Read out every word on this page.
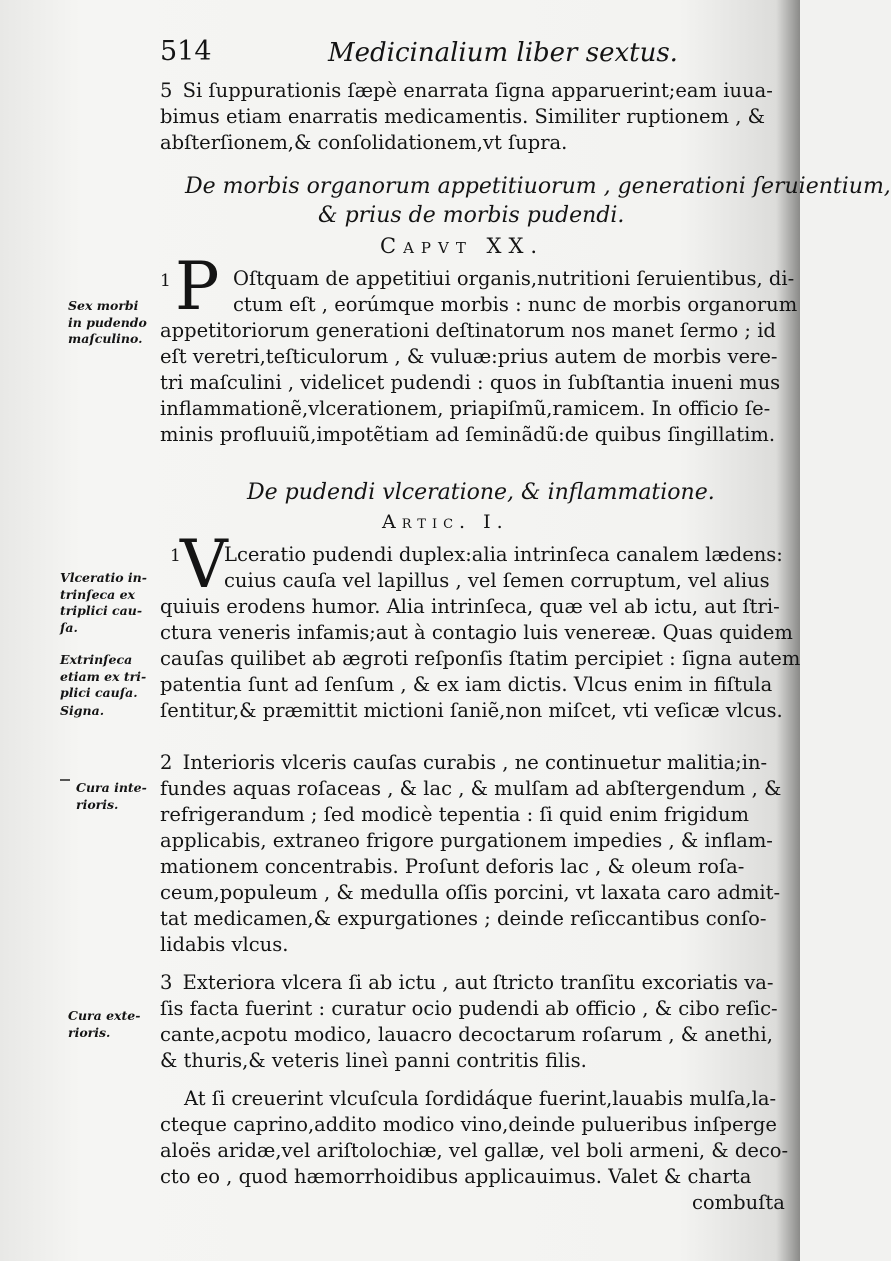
514	Medicinalium liber sextus.
5 Si ſuppurationis ſæpè enarrata ſigna apparuerint;eam iuua-
bimus etiam enarratis medicamentis. Similiter ruptionem , &
abſterſionem,& conſolidationem,vt ſupra.
De morbis organorum appetitiuorum , generationi ſeruientium,
& prius de morbis pudendi.
Capvt XX.
1 P Oſtquam de appetitiui organis,nutritioni ſeruientibus, di-
ctum eſt , eorúmque morbis : nunc de morbis organorum
appetitoriorum generationi deſtinatorum nos manet ſermo ; id
eſt veretri,teſticulorum , & vuluæ:prius autem de morbis vere-
tri maſculini , videlicet pudendi : quos in ſubſtantia inueni mus
inflammationẽ,vlcerationem, priapiſmũ,ramicem. In officio ſe-
minis profluuiũ,impotẽtiam ad ſeminãdũ:de quibus ſingillatim.
Sex morbi
in pudendo
maſculino.
De pudendi vlceratione, & inflammatione.
Artic. I.
1 V
Lceratio pudendi duplex:alia intrinſeca canalem lædens:
cuius cauſa vel lapillus , vel ſemen corruptum, vel alius
quiuis erodens humor. Alia intrinſeca, quæ vel ab ictu, aut ſtri-
ctura veneris infamis;aut à contagio luis venereæ. Quas quidem
cauſas quilibet ab ægroti reſponſis ſtatim percipiet : ſigna autem
patentia ſunt ad ſenſum , & ex iam dictis. Vlcus enim in fiſtula
ſentitur,& præmittit mictioni ſaniẽ,non miſcet, vti veſicæ vlcus.
Vlceratio in-
trinſeca ex
triplici cau-
ſa.
Extrinſeca
etiam ex tri-
plici cauſa.
Signa.
2 Interioris vlceris cauſas curabis , ne continuetur malitia;in-
fundes aquas roſaceas , & lac , & mulſam ad abſtergendum , &
refrigerandum ; ſed modicè tepentia : ſi quid enim frigidum
applicabis, extraneo frigore purgationem impedies , & inflam-
mationem concentrabis. Proſunt deforis lac , & oleum roſa-
ceum,populeum , & medulla oſſis porcini, vt laxata caro admit-
tat medicamen,& expurgationes ; deinde reſiccantibus conſo-
lidabis vlcus.
Cura inte-
rioris.
3 Exteriora vlcera ſi ab ictu , aut ſtricto tranſitu excoriatis va-
ſis facta fuerint : curatur ocio pudendi ab officio , & cibo reſic-
cante,acpotu modico, lauacro decoctarum roſarum , & anethi,
& thuris,& veteris lineì panni contritis filis.
Cura exte-
rioris.
At ſi creuerint vlcuſcula ſordidáque fuerint,lauabis mulſa,la-
cteque caprino,addito modico vino,deinde pulueribus inſperge
aloës aridæ,vel ariſtolochiæ, vel gallæ, vel boli armeni, & deco-
cto eo , quod hæmorrhoidibus applicauimus. Valet & charta
combuſta
